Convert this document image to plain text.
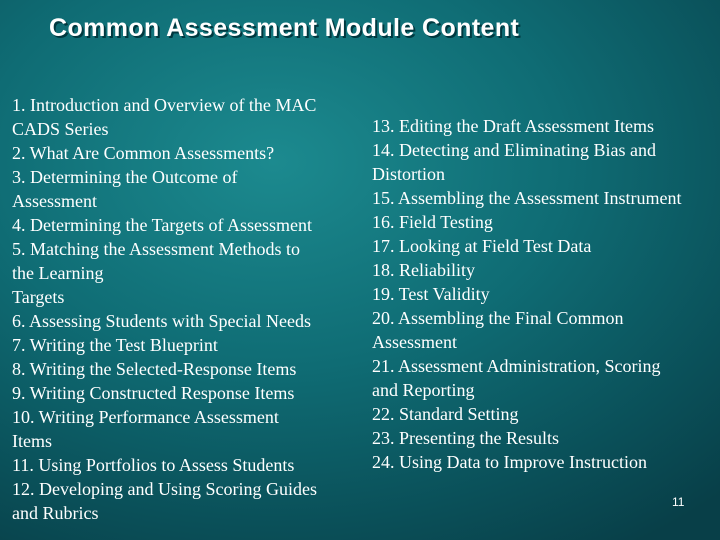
Common Assessment Module Content
1. Introduction and Overview of the MAC
CADS Series
2. What Are Common Assessments?
3. Determining the Outcome of
Assessment
4. Determining the Targets of Assessment
5. Matching the Assessment Methods to
the Learning
Targets
6. Assessing Students with Special Needs
7. Writing the Test Blueprint
8. Writing the Selected-Response Items
9. Writing Constructed Response Items
10. Writing Performance Assessment
Items
11. Using Portfolios to Assess Students
12. Developing and Using Scoring Guides
and Rubrics
13. Editing the Draft Assessment Items
14. Detecting and Eliminating Bias and
Distortion
15. Assembling the Assessment Instrument
16. Field Testing
17. Looking at Field Test Data
18. Reliability
19. Test Validity
20. Assembling the Final Common
Assessment
21. Assessment Administration, Scoring
and Reporting
22. Standard Setting
23. Presenting the Results
24. Using Data to Improve Instruction
11
